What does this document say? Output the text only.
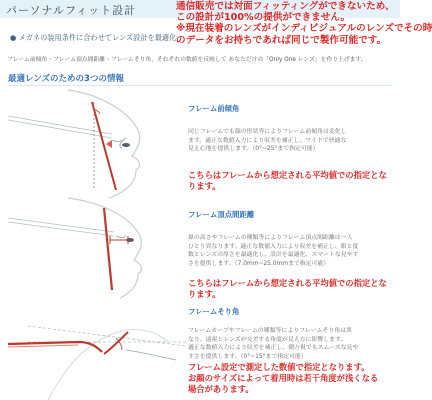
パーソナルフィット設計	通信販売では対面フィッティングができないため、
この設計が100%の提供ができません。
※現在装着のレンズがインディビジュアルのレンズでその時
のデータをお持ちであれば同じで製作可能です。
● メガネの装用条件に合わせてレンズ設計を最適化
フレーム前傾角・フレーム頂点間距離・フレームそり角、それぞれの数値を反映して あなただけの「Only One レンズ」を作り上げます。
最適レンズのための3つの情報
フレーム前傾角
同じフレームでも顔の形状等によりフレーム前傾角は変化し
ます。適正な数値入力により収差を補正し、ワイドで快適な
見え心地を提供します。（0°~25°まで指定可能）
こちらはフレームから想定される平均値での指定とな
ります。
フレーム頂点間距離
鼻の高さやフレームの種類等によりフレーム頂点間距離は一人
ひとり異なります。適正な数値入力により収差を補正し、眼と度
数とレンズの厚さを最適化し、設計を最適化、スマートな見やす
さを提供します。（7.0mm~25.0mmまで指定可能）
こちらはフレームから想定される平均値での指定とな
ります。
フレームそり角
フレームカーブやフレームの種類等によりフレームそり角は異
なり、遠視とレンズが交差する角度が見え方に影響します。
適正な数値入力により収差を補正し、側方視でもスムーズな見や
すさを提供します。（0°~15°まで指定可能）
フレーム設定で測定した数値で指定となります。
お顔のサイズによって着用時は若干角度が浅くなる
場合があります。
